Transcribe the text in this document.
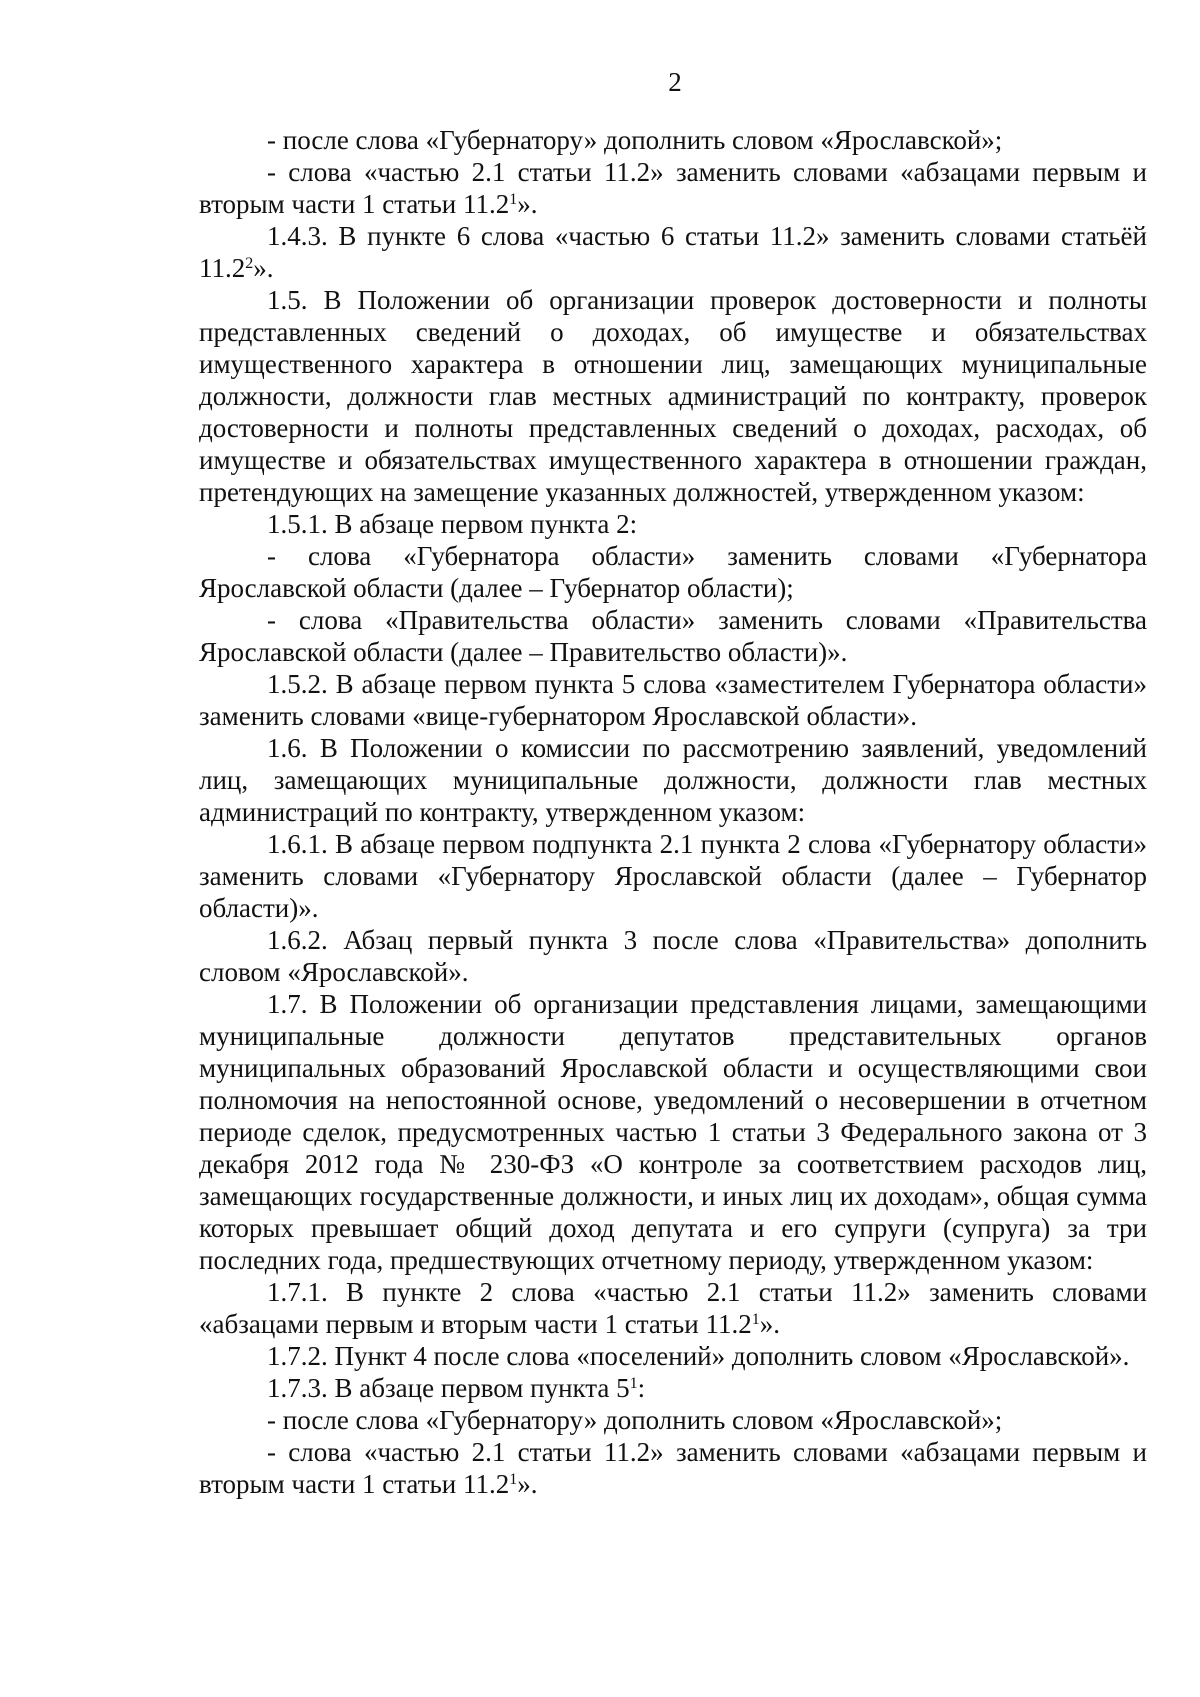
2

- после слова «Губернатору» дополнить словом «Ярославской»;

- слова «частью 2.1 статьи 11.2» заменить словами «абзацами первым и вторым части 1 статьи 11.2$^1$».

1.4.3. В пункте 6 слова «частью 6 статьи 11.2» заменить словами статьёй 11.2$^2$».

1.5. В Положении об организации проверок достоверности и полноты представленных сведений о доходах, об имуществе и обязательствах имущественного характера в отношении лиц, замещающих муниципальные должности, должности глав местных администраций по контракту, проверок достоверности и полноты представленных сведений о доходах, расходах, об имуществе и обязательствах имущественного характера в отношении граждан, претендующих на замещение указанных должностей, утвержденном указом:

1.5.1. В абзаце первом пункта 2:

- слова «Губернатора области» заменить словами «Губернатора Ярославской области (далее – Губернатор области);

- слова «Правительства области» заменить словами «Правительства Ярославской области (далее – Правительство области)».

1.5.2. В абзаце первом пункта 5 слова «заместителем Губернатора области» заменить словами «вице-губернатором Ярославской области».

1.6. В Положении о комиссии по рассмотрению заявлений, уведомлений лиц, замещающих муниципальные должности, должности глав местных администраций по контракту, утвержденном указом:

1.6.1. В абзаце первом подпункта 2.1 пункта 2 слова «Губернатору области» заменить словами «Губернатору Ярославской области (далее – Губернатор области)».

1.6.2. Абзац первый пункта 3 после слова «Правительства» дополнить словом «Ярославской».

1.7. В Положении об организации представления лицами, замещающими муниципальные должности депутатов представительных органов муниципальных образований Ярославской области и осуществляющими свои полномочия на непостоянной основе, уведомлений о несовершении в отчетном периоде сделок, предусмотренных частью 1 статьи 3 Федерального закона от 3 декабря 2012 года № 230-ФЗ «О контроле за соответствием расходов лиц, замещающих государственные должности, и иных лиц их доходам», общая сумма которых превышает общий доход депутата и его супруги (супруга) за три последних года, предшествующих отчетному периоду, утвержденном указом:

1.7.1. В пункте 2 слова «частью 2.1 статьи 11.2» заменить словами «абзацами первым и вторым части 1 статьи 11.2$^1$».

1.7.2. Пункт 4 после слова «поселений» дополнить словом «Ярославской».

1.7.3. В абзаце первом пункта $5^1$:

- после слова «Губернатору» дополнить словом «Ярославской»;

- слова «частью 2.1 статьи 11.2» заменить словами «абзацами первым и вторым части 1 статьи 11.2$^1$».
